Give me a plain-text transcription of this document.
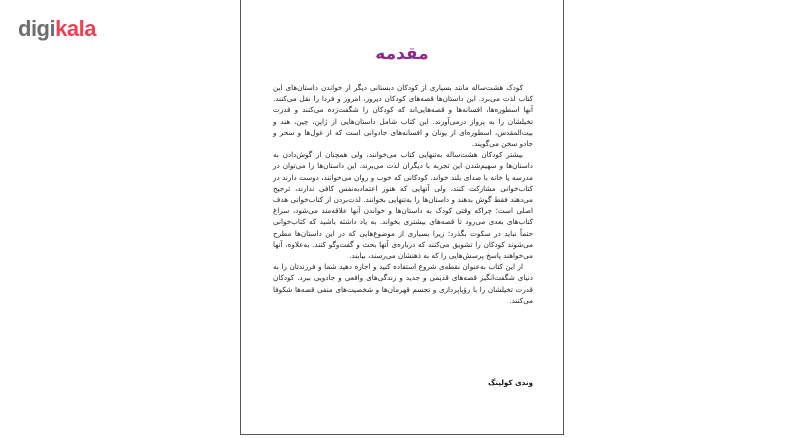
digikala
مقدمه

کودک هشت‌ساله مانند بسیاری از کودکان دبستانی دیگر از خواندن داستان‌های این کتاب لذت می‌برد. این داستان‌ها قصه‌های کودکان دیروز، امروز و فردا را نقل می‌کنند. آنها اسطوره‌ها، افسانه‌ها و قصه‌هایی‌اند که کودکان را شگفت‌زده می‌کنند و قدرت تخیلشان را به پرواز درمی‌آورند. این کتاب شامل داستان‌هایی از ژاپن، چین، هند و بیت‌المقدس، اسطوره‌ای از یونان و افسانه‌های جادوانی است که از غول‌ها و سحر و جادو سخن می‌گویند.

بیشتر کودکان هشت‌ساله به‌تنهایی کتاب می‌خوانند، ولی همچنان از گوش‌دادن به داستان‌ها و سهیم‌شدن این تجربه با دیگران لذت می‌برند. این داستان‌ها را می‌توان در مدرسه یا خانه با صدای بلند خواند. کودکانی که خوب و روان می‌خوانند، دوست دارند در کتاب‌خوانی مشارکت کنند، ولی آنهایی که هنوز اعتمادبه‌نفس کافی ندارند، ترجیح می‌دهند فقط گوش بدهند و داستان‌ها را به‌تنهایی بخوانند. لذت‌بردن از کتاب‌خوانی هدف اصلی است؛ چراکه وقتی کودک به داستان‌ها و خواندن آنها علاقه‌مند می‌شود، سراغ کتاب‌های بعدی می‌رود تا قصه‌های بیشتری بخواند. به یاد داشته باشید که کتاب‌خوانی حتماً نباید در سکوت بگذرد؛ زیرا بسیاری از موضوع‌هایی که در این داستان‌ها مطرح می‌شوند کودکان را تشویق می‌کنند که درباره‌ی آنها بحث و گفت‌وگو کنند. به‌علاوه، آنها می‌خواهند پاسخ پرسش‌هایی را که به ذهنشان می‌رسند، بیابند.

از این کتاب به‌عنوان نقطه‌ی شروع استفاده کنید و اجازه دهید شما و فرزندتان را به دنیای شگفت‌انگیز قصه‌های قدیمی و جدید و زندگی‌های واقعی و جادویی ببرد. کودکان قدرت تخیلشان را با رؤیاپردازی و تجسم قهرمان‌ها و شخصیت‌های منفی قصه‌ها شکوفا می‌کنند.

وندی کولینگ
